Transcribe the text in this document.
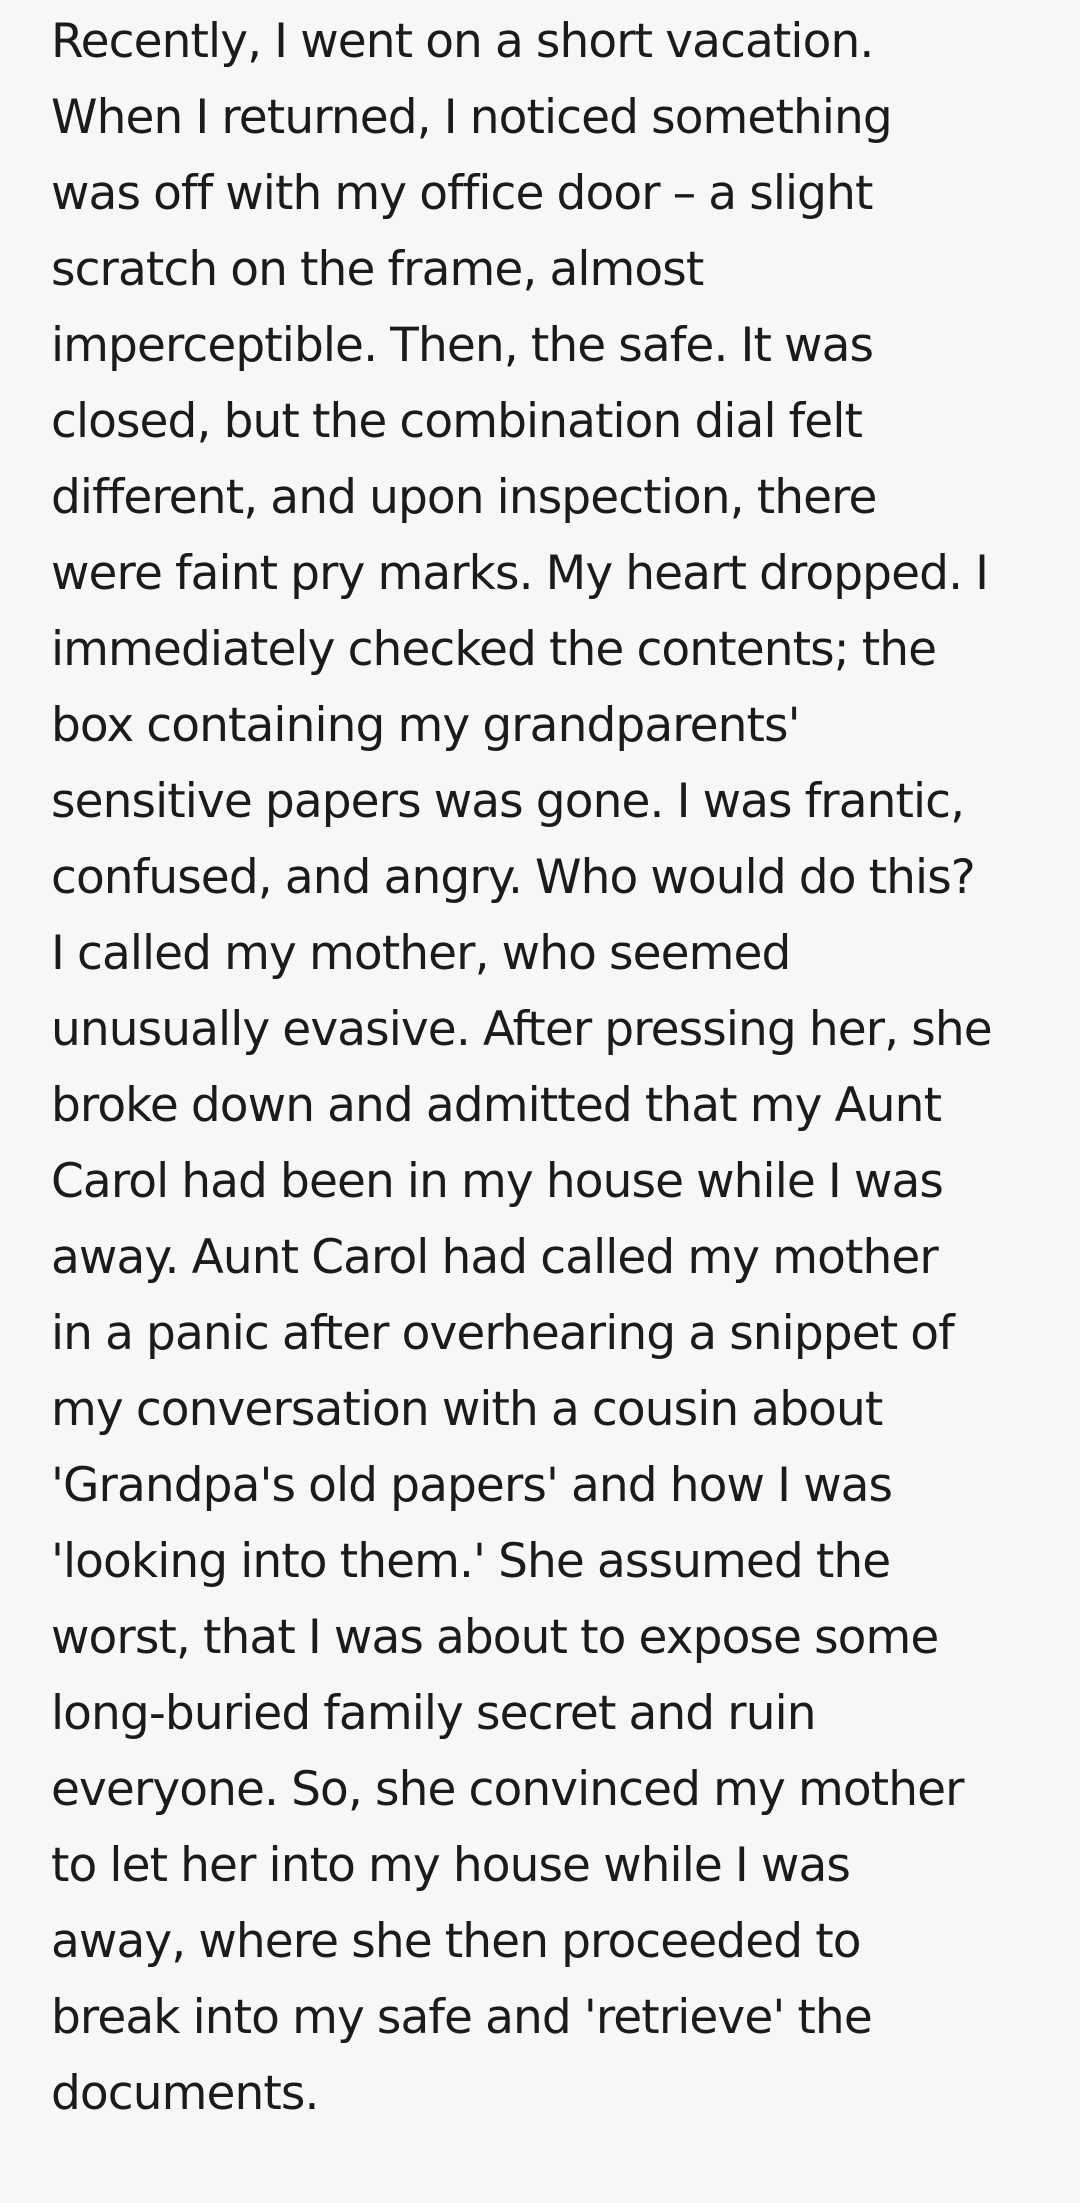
Recently, I went on a short vacation.
When I returned, I noticed something
was off with my office door – a slight
scratch on the frame, almost
imperceptible. Then, the safe. It was
closed, but the combination dial felt
different, and upon inspection, there
were faint pry marks. My heart dropped. I
immediately checked the contents; the
box containing my grandparents'
sensitive papers was gone. I was frantic,
confused, and angry. Who would do this?
I called my mother, who seemed
unusually evasive. After pressing her, she
broke down and admitted that my Aunt
Carol had been in my house while I was
away. Aunt Carol had called my mother
in a panic after overhearing a snippet of
my conversation with a cousin about
'Grandpa's old papers' and how I was
'looking into them.' She assumed the
worst, that I was about to expose some
long-buried family secret and ruin
everyone. So, she convinced my mother
to let her into my house while I was
away, where she then proceeded to
break into my safe and 'retrieve' the
documents.
